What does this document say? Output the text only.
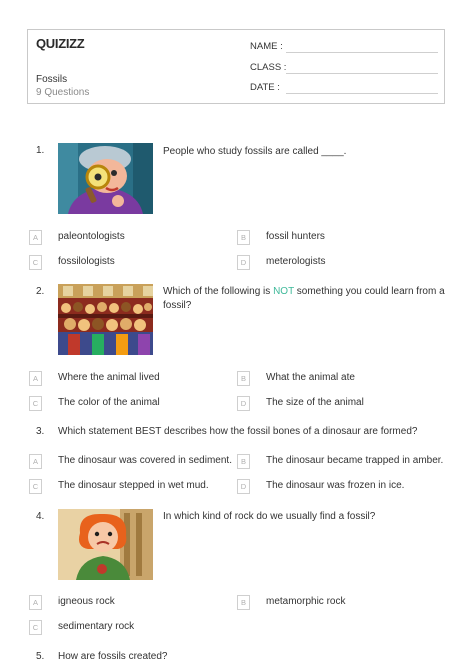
QUIZIZZ
Fossils
9 Questions
NAME :
CLASS :
DATE :
1.	People who study fossils are called ____.
A	paleontologists	B	fossil hunters
C	fossilologists	D	meterologists
2.	Which of the following is NOT something you could learn from a fossil?
A	Where the animal lived	B	What the animal ate
C	The color of the animal	D	The size of the animal
3. Which statement BEST describes how the fossil bones of a dinosaur are formed?
A	The dinosaur was covered in sediment.	B	The dinosaur became trapped in amber.
C	The dinosaur stepped in wet mud.	D	The dinosaur was frozen in ice.
4.	In which kind of rock do we usually find a fossil?
A	igneous rock	B	metamorphic rock
C	sedimentary rock
5. How are fossils created?
